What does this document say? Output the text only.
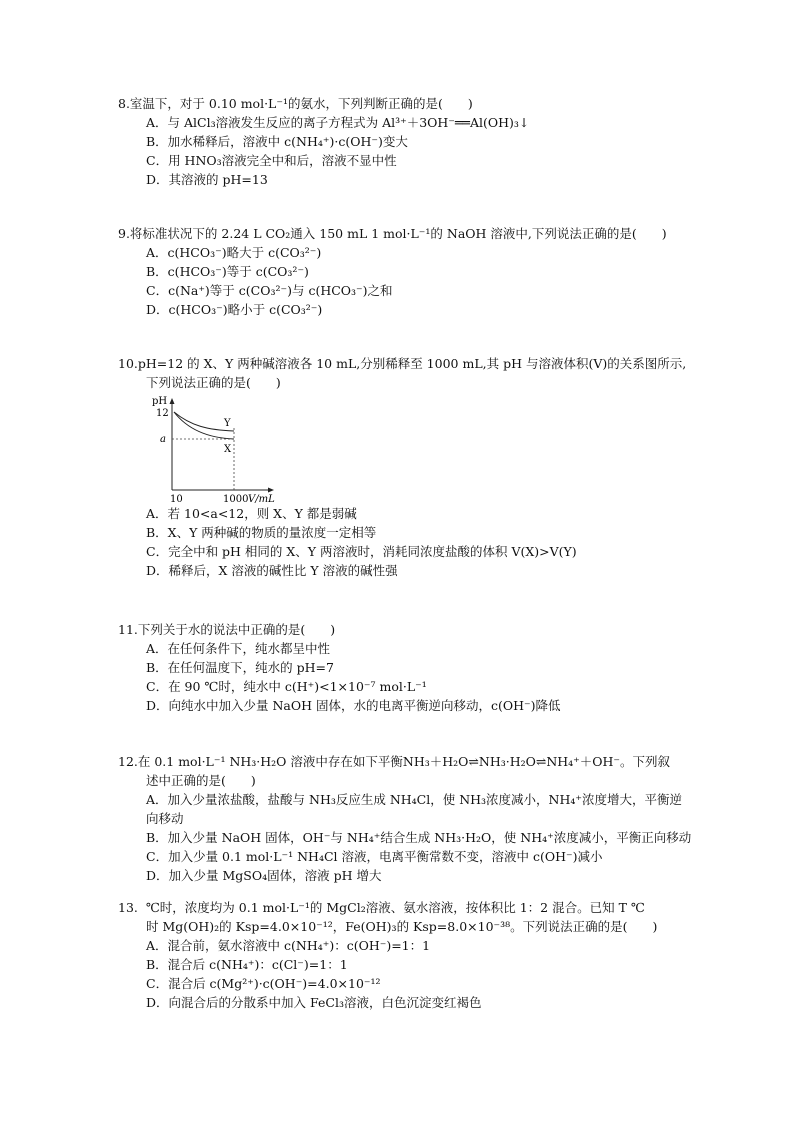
8.室温下，对于 0.10 mol·L⁻¹的氨水，下列判断正确的是(　　)
A．与 AlCl₃溶液发生反应的离子方程式为 Al³⁺＋3OH⁻══Al(OH)₃↓
B．加水稀释后，溶液中 c(NH₄⁺)·c(OH⁻)变大
C．用 HNO₃溶液完全中和后，溶液不显中性
D．其溶液的 pH=13
9.将标准状况下的 2.24 L CO₂通入 150 mL 1 mol·L⁻¹的 NaOH 溶液中,下列说法正确的是(　　)
A．c(HCO₃⁻)略大于 c(CO₃²⁻)
B．c(HCO₃⁻)等于 c(CO₃²⁻)
C．c(Na⁺)等于 c(CO₃²⁻)与 c(HCO₃⁻)之和
D．c(HCO₃⁻)略小于 c(CO₃²⁻)
10.pH=12 的 X、Y 两种碱溶液各 10 mL,分别稀释至 1000 mL,其 pH 与溶液体积(V)的关系图所示,
下列说法正确的是(　　)
pH
12
a
Y
X
10	1000 V/mL
A．若 10<a<12，则 X、Y 都是弱碱
B．X、Y 两种碱的物质的量浓度一定相等
C．完全中和 pH 相同的 X、Y 两溶液时，消耗同浓度盐酸的体积 V(X)>V(Y)
D．稀释后，X 溶液的碱性比 Y 溶液的碱性强
11.下列关于水的说法中正确的是(　　)
A．在任何条件下，纯水都呈中性
B．在任何温度下，纯水的 pH=7
C．在 90 ℃时，纯水中 c(H⁺)<1×10⁻⁷ mol·L⁻¹
D．向纯水中加入少量 NaOH 固体，水的电离平衡逆向移动，c(OH⁻)降低
12.在 0.1 mol·L⁻¹ NH₃·H₂O 溶液中存在如下平衡NH₃＋H₂O⇌NH₃·H₂O⇌NH₄⁺＋OH⁻。下列叙
述中正确的是(　　)
A．加入少量浓盐酸，盐酸与 NH₃反应生成 NH₄Cl，使 NH₃浓度减小，NH₄⁺浓度增大，平衡逆
向移动
B．加入少量 NaOH 固体，OH⁻与 NH₄⁺结合生成 NH₃·H₂O，使 NH₄⁺浓度减小，平衡正向移动
C．加入少量 0.1 mol·L⁻¹ NH₄Cl 溶液，电离平衡常数不变，溶液中 c(OH⁻)减小
D．加入少量 MgSO₄固体，溶液 pH 增大
13.  ℃时，浓度均为 0.1 mol·L⁻¹的 MgCl₂溶液、氨水溶液，按体积比 1：2 混合。已知 T ℃
时 Mg(OH)₂的 Ksp=4.0×10⁻¹²，Fe(OH)₃的 Ksp=8.0×10⁻³⁸。下列说法正确的是(　　)
A．混合前，氨水溶液中 c(NH₄⁺)：c(OH⁻)=1：1
B．混合后 c(NH₄⁺)：c(Cl⁻)=1：1
C．混合后 c(Mg²⁺)·c(OH⁻)=4.0×10⁻¹²
D．向混合后的分散系中加入 FeCl₃溶液，白色沉淀变红褐色
